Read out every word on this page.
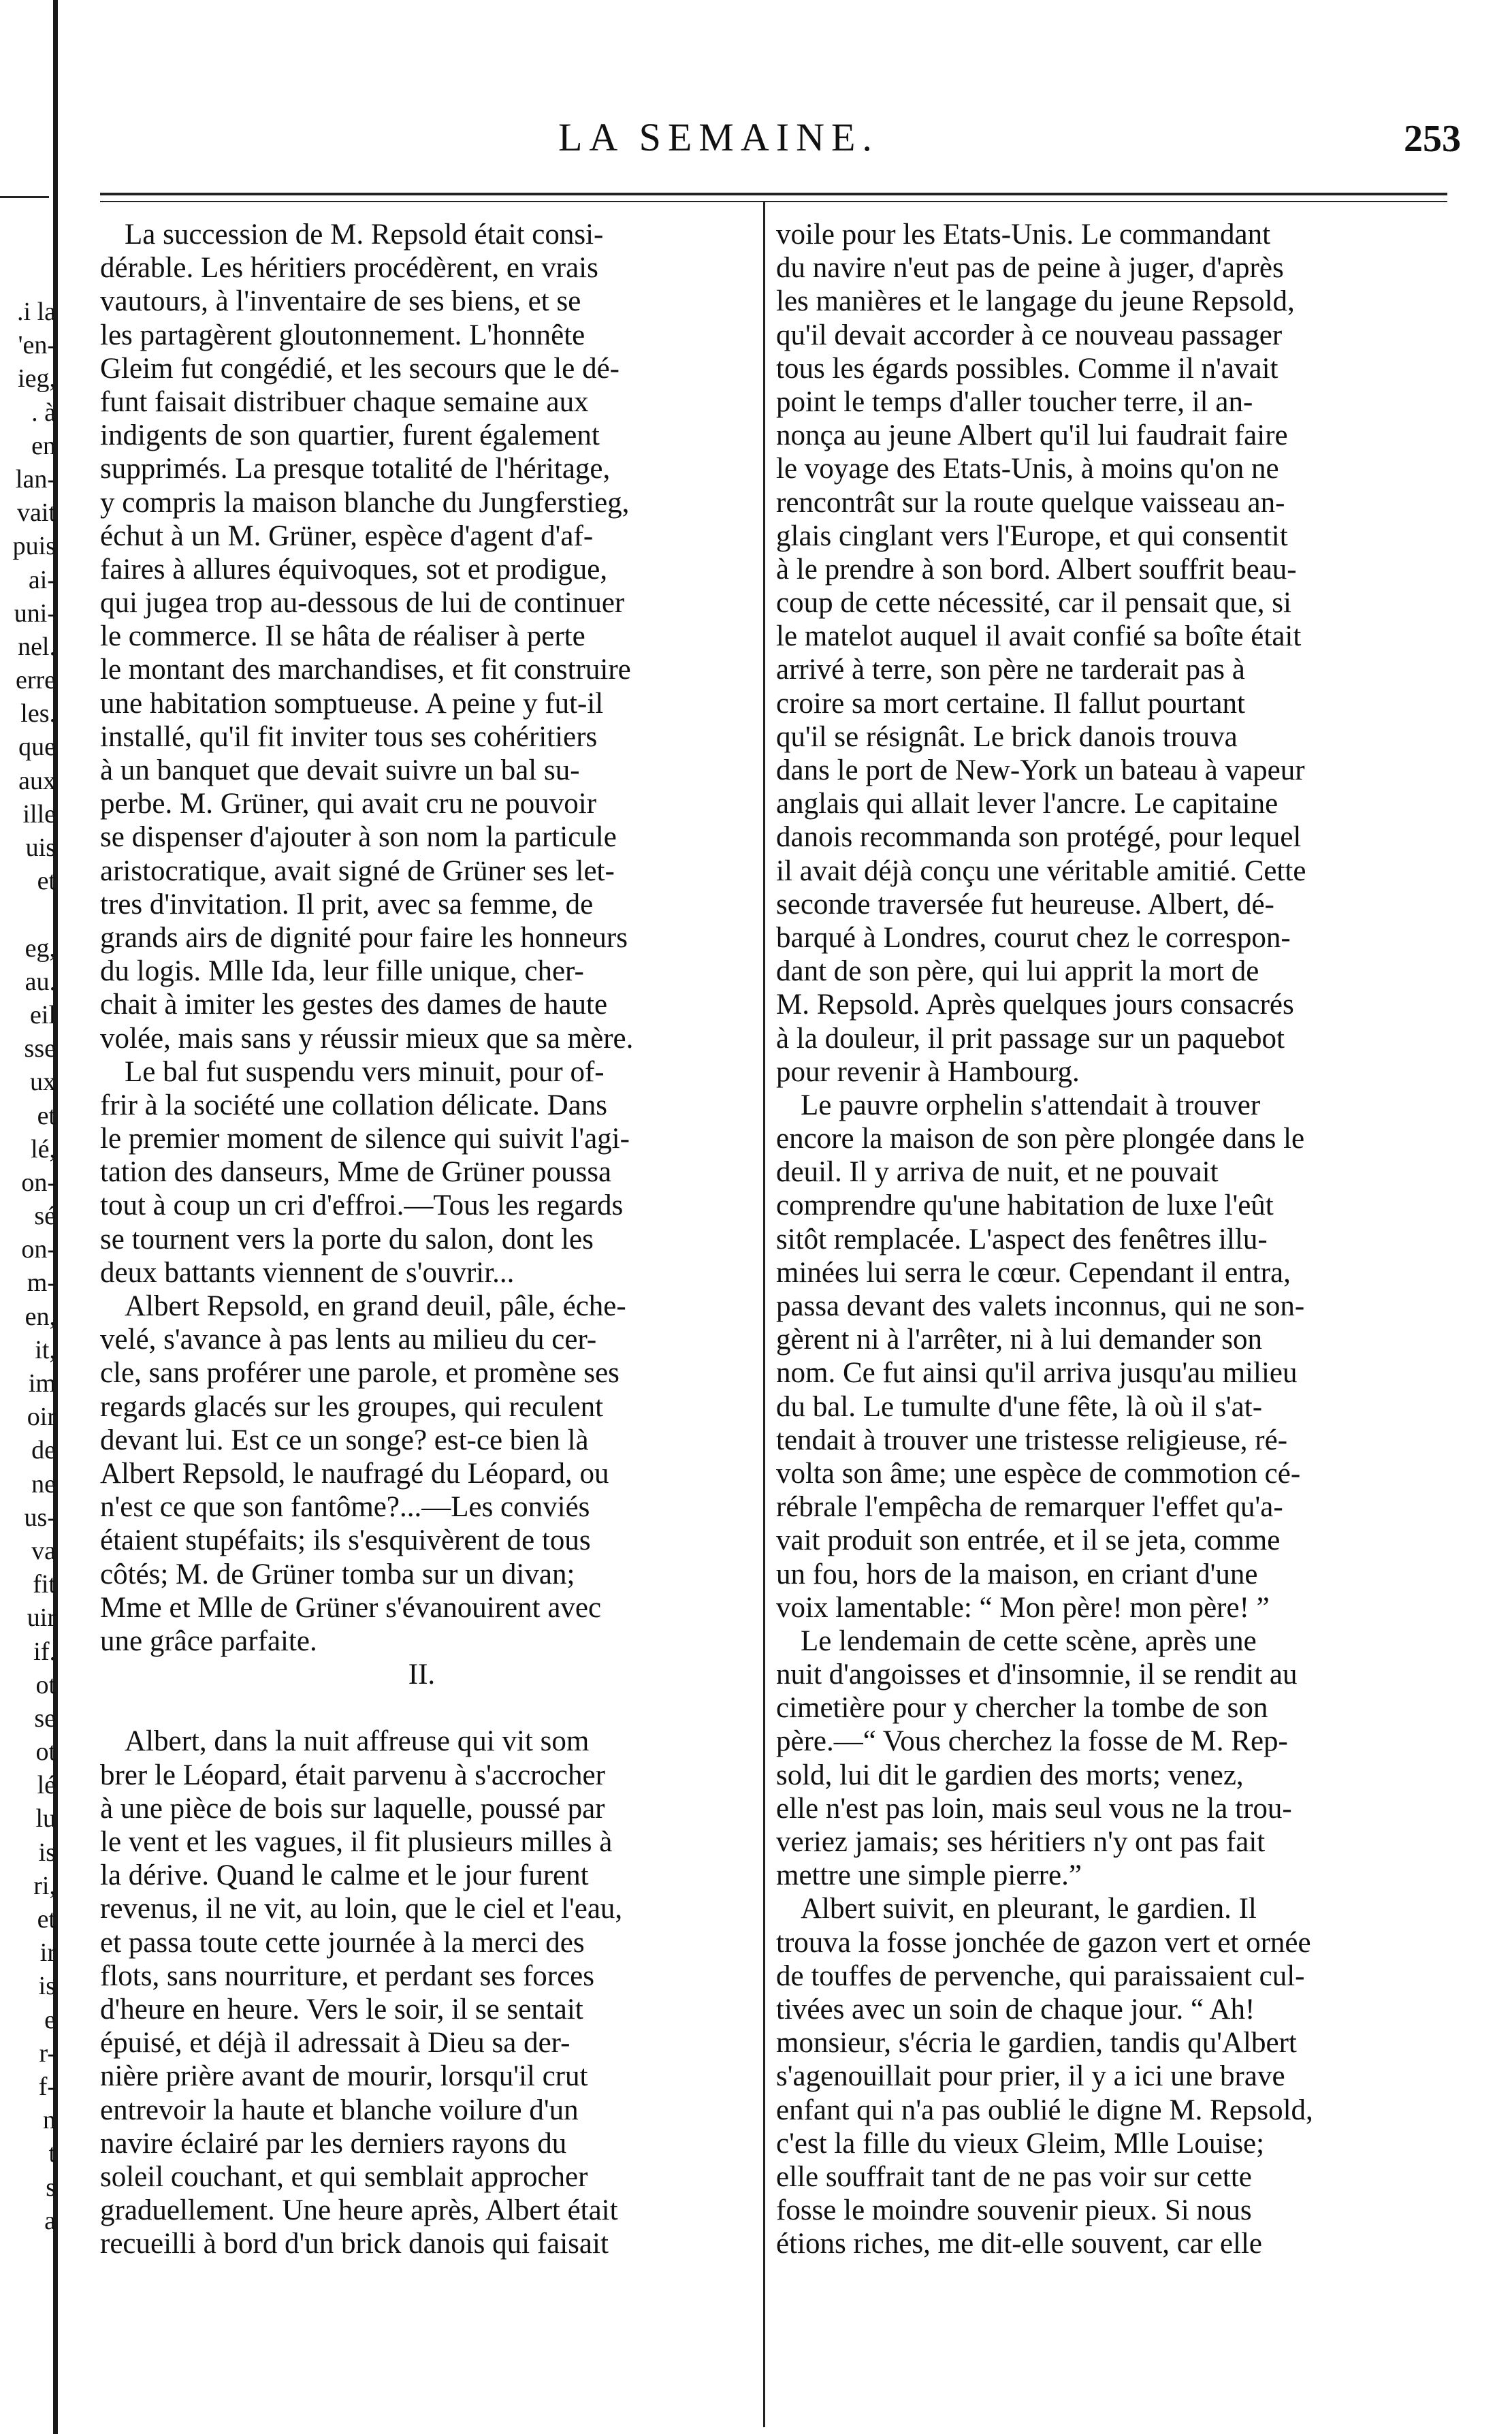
.i la
'en-
ieg,
. à
en
lan-
vait
puis
ai-
uni-
nel.
erre
les.
que
aux
ille
uis
et
eg,
au.
eil
sse
ux
et
lé,
on-
sé
on-
m-
en,
it,
im
oir
de
ne
us-
va
fit
uir
if.
ot
se
ot
lé
lu
is
ri,
et
ir
is
e
r-
f-
n
t
s
a
LA SEMAINE.	253
La succession de M. Repsold était consi-
dérable. Les héritiers procédèrent, en vrais
vautours, à l'inventaire de ses biens, et se
les partagèrent gloutonnement. L'honnête
Gleim fut congédié, et les secours que le dé-
funt faisait distribuer chaque semaine aux
indigents de son quartier, furent également
supprimés. La presque totalité de l'héritage,
y compris la maison blanche du Jungferstieg,
échut à un M. Grüner, espèce d'agent d'af-
faires à allures équivoques, sot et prodigue,
qui jugea trop au-dessous de lui de continuer
le commerce. Il se hâta de réaliser à perte
le montant des marchandises, et fit construire
une habitation somptueuse. A peine y fut-il
installé, qu'il fit inviter tous ses cohéritiers
à un banquet que devait suivre un bal su-
perbe. M. Grüner, qui avait cru ne pouvoir
se dispenser d'ajouter à son nom la particule
aristocratique, avait signé de Grüner ses let-
tres d'invitation. Il prit, avec sa femme, de
grands airs de dignité pour faire les honneurs
du logis. Mlle Ida, leur fille unique, cher-
chait à imiter les gestes des dames de haute
volée, mais sans y réussir mieux que sa mère.
Le bal fut suspendu vers minuit, pour of-
frir à la société une collation délicate. Dans
le premier moment de silence qui suivit l'agi-
tation des danseurs, Mme de Grüner poussa
tout à coup un cri d'effroi.—Tous les regards
se tournent vers la porte du salon, dont les
deux battants viennent de s'ouvrir...
Albert Repsold, en grand deuil, pâle, éche-
velé, s'avance à pas lents au milieu du cer-
cle, sans proférer une parole, et promène ses
regards glacés sur les groupes, qui reculent
devant lui. Est ce un songe? est-ce bien là
Albert Repsold, le naufragé du Léopard, ou
n'est ce que son fantôme?...—Les conviés
étaient stupéfaits; ils s'esquivèrent de tous
côtés; M. de Grüner tomba sur un divan;
Mme et Mlle de Grüner s'évanouirent avec
une grâce parfaite.
II.
Albert, dans la nuit affreuse qui vit som
brer le Léopard, était parvenu à s'accrocher
à une pièce de bois sur laquelle, poussé par
le vent et les vagues, il fit plusieurs milles à
la dérive. Quand le calme et le jour furent
revenus, il ne vit, au loin, que le ciel et l'eau,
et passa toute cette journée à la merci des
flots, sans nourriture, et perdant ses forces
d'heure en heure. Vers le soir, il se sentait
épuisé, et déjà il adressait à Dieu sa der-
nière prière avant de mourir, lorsqu'il crut
entrevoir la haute et blanche voilure d'un
navire éclairé par les derniers rayons du
soleil couchant, et qui semblait approcher
graduellement. Une heure après, Albert était
recueilli à bord d'un brick danois qui faisait
voile pour les Etats-Unis. Le commandant
du navire n'eut pas de peine à juger, d'après
les manières et le langage du jeune Repsold,
qu'il devait accorder à ce nouveau passager
tous les égards possibles. Comme il n'avait
point le temps d'aller toucher terre, il an-
nonça au jeune Albert qu'il lui faudrait faire
le voyage des Etats-Unis, à moins qu'on ne
rencontrât sur la route quelque vaisseau an-
glais cinglant vers l'Europe, et qui consentit
à le prendre à son bord. Albert souffrit beau-
coup de cette nécessité, car il pensait que, si
le matelot auquel il avait confié sa boîte était
arrivé à terre, son père ne tarderait pas à
croire sa mort certaine. Il fallut pourtant
qu'il se résignât. Le brick danois trouva
dans le port de New-York un bateau à vapeur
anglais qui allait lever l'ancre. Le capitaine
danois recommanda son protégé, pour lequel
il avait déjà conçu une véritable amitié. Cette
seconde traversée fut heureuse. Albert, dé-
barqué à Londres, courut chez le correspon-
dant de son père, qui lui apprit la mort de
M. Repsold. Après quelques jours consacrés
à la douleur, il prit passage sur un paquebot
pour revenir à Hambourg.
Le pauvre orphelin s'attendait à trouver
encore la maison de son père plongée dans le
deuil. Il y arriva de nuit, et ne pouvait
comprendre qu'une habitation de luxe l'eût
sitôt remplacée. L'aspect des fenêtres illu-
minées lui serra le cœur. Cependant il entra,
passa devant des valets inconnus, qui ne son-
gèrent ni à l'arrêter, ni à lui demander son
nom. Ce fut ainsi qu'il arriva jusqu'au milieu
du bal. Le tumulte d'une fête, là où il s'at-
tendait à trouver une tristesse religieuse, ré-
volta son âme; une espèce de commotion cé-
rébrale l'empêcha de remarquer l'effet qu'a-
vait produit son entrée, et il se jeta, comme
un fou, hors de la maison, en criant d'une
voix lamentable: “ Mon père! mon père! ”
Le lendemain de cette scène, après une
nuit d'angoisses et d'insomnie, il se rendit au
cimetière pour y chercher la tombe de son
père.—“ Vous cherchez la fosse de M. Rep-
sold, lui dit le gardien des morts; venez,
elle n'est pas loin, mais seul vous ne la trou-
veriez jamais; ses héritiers n'y ont pas fait
mettre une simple pierre.”
Albert suivit, en pleurant, le gardien. Il
trouva la fosse jonchée de gazon vert et ornée
de touffes de pervenche, qui paraissaient cul-
tivées avec un soin de chaque jour. “ Ah!
monsieur, s'écria le gardien, tandis qu'Albert
s'agenouillait pour prier, il y a ici une brave
enfant qui n'a pas oublié le digne M. Repsold,
c'est la fille du vieux Gleim, Mlle Louise;
elle souffrait tant de ne pas voir sur cette
fosse le moindre souvenir pieux. Si nous
étions riches, me dit-elle souvent, car elle
